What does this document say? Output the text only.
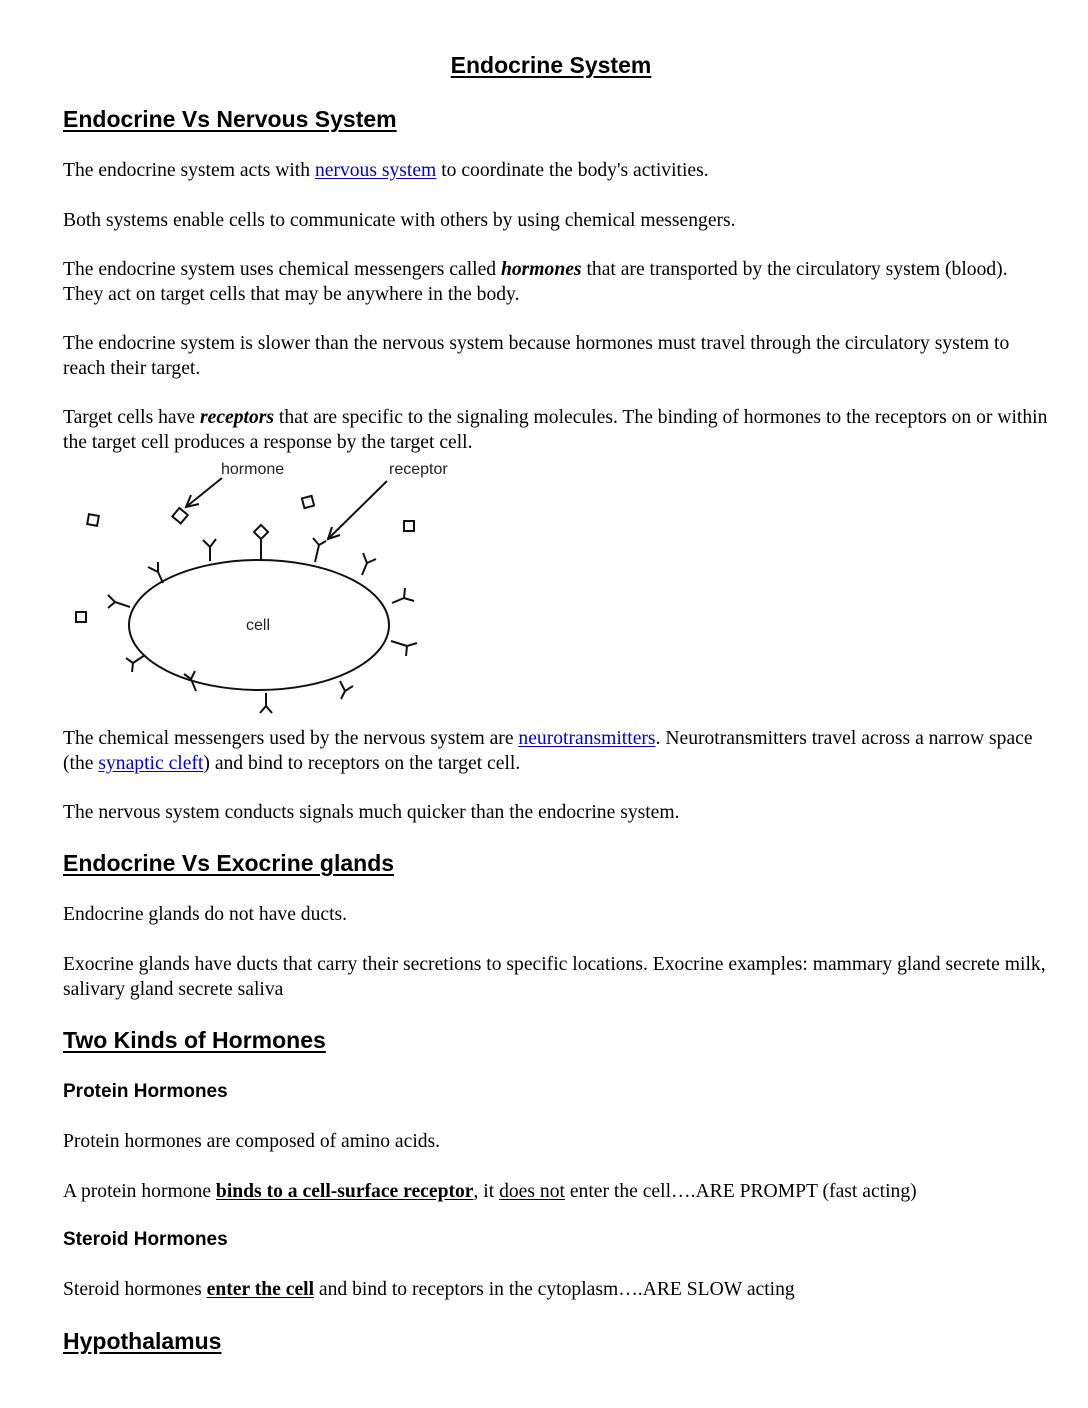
Endocrine System
Endocrine Vs Nervous System

The endocrine system acts with nervous system to coordinate the body's activities.

Both systems enable cells to communicate with others by using chemical messengers.

The endocrine system uses chemical messengers called hormones that are transported by the circulatory system (blood). They act on target cells that may be anywhere in the body.

The endocrine system is slower than the nervous system because hormones must travel through the circulatory system to reach their target.

Target cells have receptors that are specific to the signaling molecules. The binding of hormones to the receptors on or within the target cell produces a response by the target cell.

hormone	receptor
cell

The chemical messengers used by the nervous system are neurotransmitters. Neurotransmitters travel across a narrow space (the synaptic cleft) and bind to receptors on the target cell.

The nervous system conducts signals much quicker than the endocrine system.

Endocrine Vs Exocrine glands

Endocrine glands do not have ducts.

Exocrine glands have ducts that carry their secretions to specific locations. Exocrine examples: mammary gland secrete milk, salivary gland secrete saliva

Two Kinds of Hormones
Protein Hormones

Protein hormones are composed of amino acids.

A protein hormone binds to a cell-surface receptor, it does not enter the cell….ARE PROMPT (fast acting)

Steroid Hormones

Steroid hormones enter the cell and bind to receptors in the cytoplasm….ARE SLOW acting

Hypothalamus
